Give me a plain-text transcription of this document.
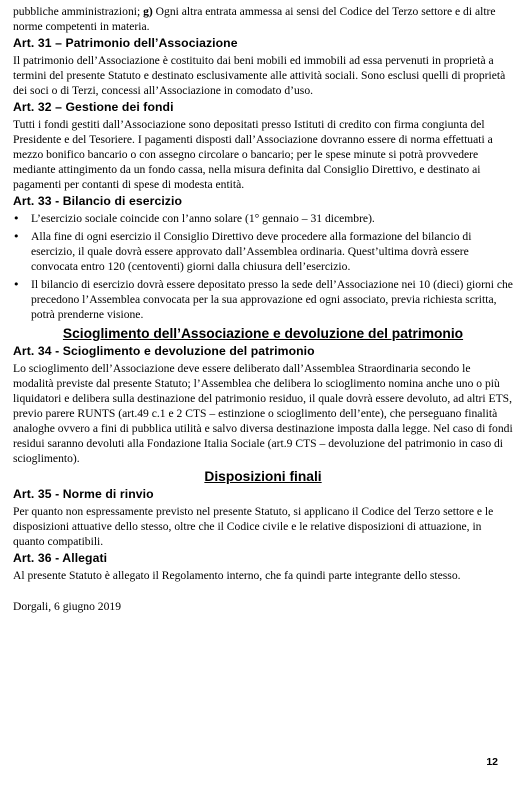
pubbliche amministrazioni; g) Ogni altra entrata ammessa ai sensi del Codice del Terzo settore e di altre norme competenti in materia.

Art. 31 – Patrimonio dell’Associazione

Il patrimonio dell’Associazione è costituito dai beni mobili ed immobili ad essa pervenuti in proprietà a termini del presente Statuto e destinato esclusivamente alle attività sociali. Sono esclusi quelli di proprietà dei soci o di Terzi, concessi all’Associazione in comodato d’uso.

Art. 32 – Gestione dei fondi

Tutti i fondi gestiti dall’Associazione sono depositati presso Istituti di credito con firma congiunta del Presidente e del Tesoriere. I pagamenti disposti dall’Associazione dovranno essere di norma effettuati a mezzo bonifico bancario o con assegno circolare o bancario; per le spese minute si potrà provvedere mediante attingimento da un fondo cassa, nella misura definita dal Consiglio Direttivo, e destinato ai pagamenti per contanti di spese di modesta entità.

Art. 33 - Bilancio di esercizio
• L’esercizio sociale coincide con l’anno solare (1° gennaio – 31 dicembre).
• Alla fine di ogni esercizio il Consiglio Direttivo deve procedere alla formazione del bilancio di esercizio, il quale dovrà essere approvato dall’Assemblea ordinaria. Quest’ultima dovrà essere convocata entro 120 (centoventi) giorni dalla chiusura dell’esercizio.
• Il bilancio di esercizio dovrà essere depositato presso la sede dell’Associazione nei 10 (dieci) giorni che precedono l’Assemblea convocata per la sua approvazione ed ogni associato, previa richiesta scritta, potrà prenderne visione.
Scioglimento dell’Associazione e devoluzione del patrimonio
Art. 34 - Scioglimento e devoluzione del patrimonio

Lo scioglimento dell’Associazione deve essere deliberato dall’Assemblea Straordinaria secondo le modalità previste dal presente Statuto; l’Assemblea che delibera lo scioglimento nomina anche uno o più liquidatori e delibera sulla destinazione del patrimonio residuo, il quale dovrà essere devoluto, ad altri ETS, previo parere RUNTS (art.49 c.1 e 2 CTS – estinzione o scioglimento dell’ente), che perseguano finalità analoghe ovvero a fini di pubblica utilità e salvo diversa destinazione imposta dalla legge. Nel caso di fondi residui saranno devoluti alla Fondazione Italia Sociale (art.9 CTS – devoluzione del patrimonio in caso di scioglimento).

Disposizioni finali
Art. 35 - Norme di rinvio

Per quanto non espressamente previsto nel presente Statuto, si applicano il Codice del Terzo settore e le disposizioni attuative dello stesso, oltre che il Codice civile e le relative disposizioni di attuazione, in quanto compatibili.

Art. 36 - Allegati

Al presente Statuto è allegato il Regolamento interno, che fa quindi parte integrante dello stesso.

Dorgali, 6 giugno 2019

12
